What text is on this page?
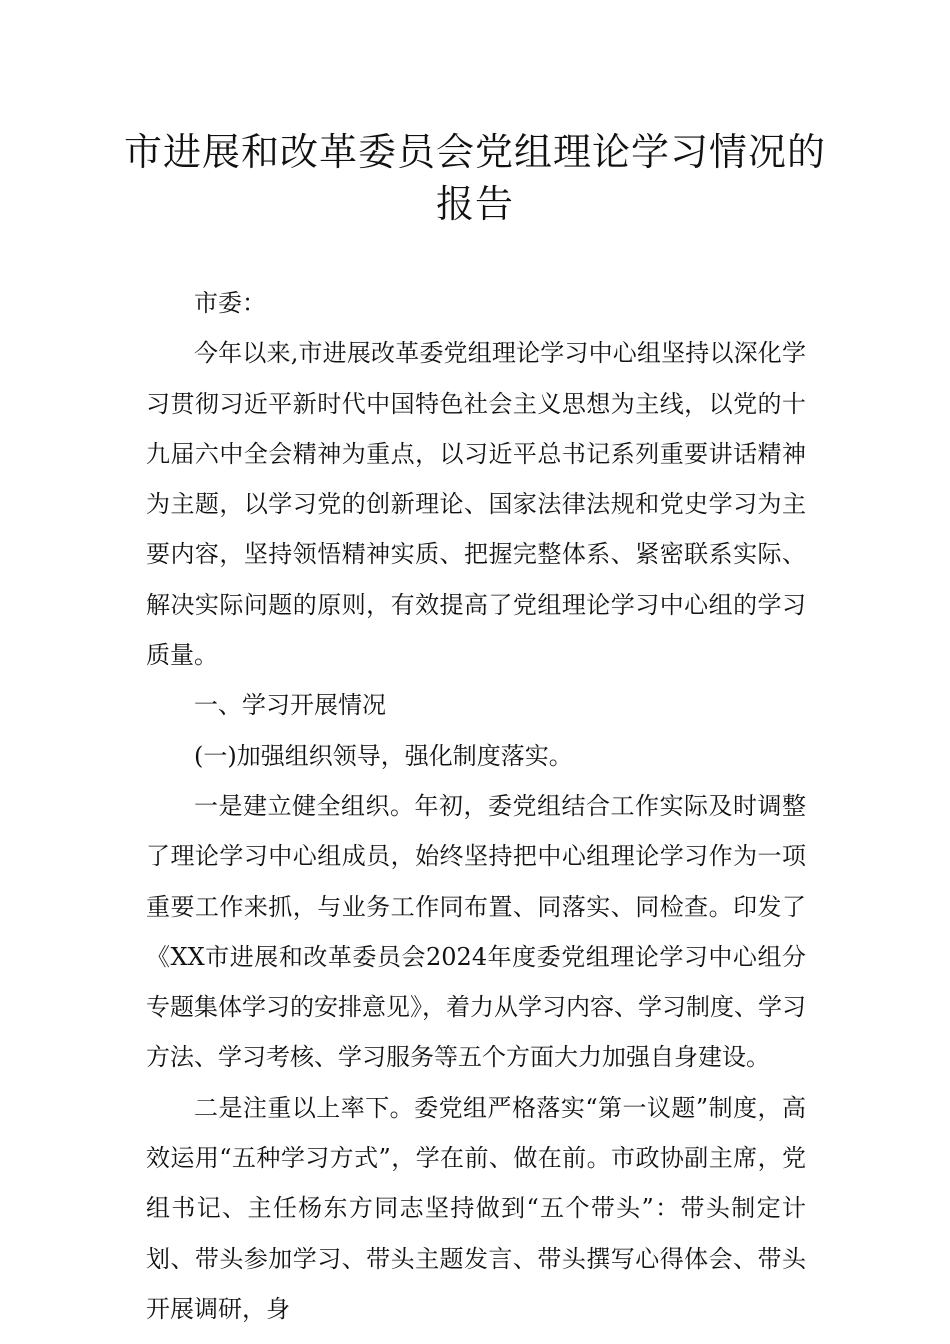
市进展和改革委员会党组理论学习情况的报告

市委：

今年以来,市进展改革委党组理论学习中心组坚持以深化学习贯彻习近平新时代中国特色社会主义思想为主线，以党的十九届六中全会精神为重点，以习近平总书记系列重要讲话精神为主题，以学习党的创新理论、国家法律法规和党史学习为主要内容，坚持领悟精神实质、把握完整体系、紧密联系实际、解决实际问题的原则，有效提高了党组理论学习中心组的学习质量。

一、学习开展情况

(一)加强组织领导，强化制度落实。

一是建立健全组织。年初，委党组结合工作实际及时调整了理论学习中心组成员，始终坚持把中心组理论学习作为一项重要工作来抓，与业务工作同布置、同落实、同检查。印发了《XX市进展和改革委员会2024年度委党组理论学习中心组分专题集体学习的安排意见》，着力从学习内容、学习制度、学习方法、学习考核、学习服务等五个方面大力加强自身建设。

二是注重以上率下。委党组严格落实“第一议题”制度，高效运用“五种学习方式”，学在前、做在前。市政协副主席，党组书记、主任杨东方同志坚持做到“五个带头”：带头制定计划、带头参加学习、带头主题发言、带头撰写心得体会、带头开展调研，身
